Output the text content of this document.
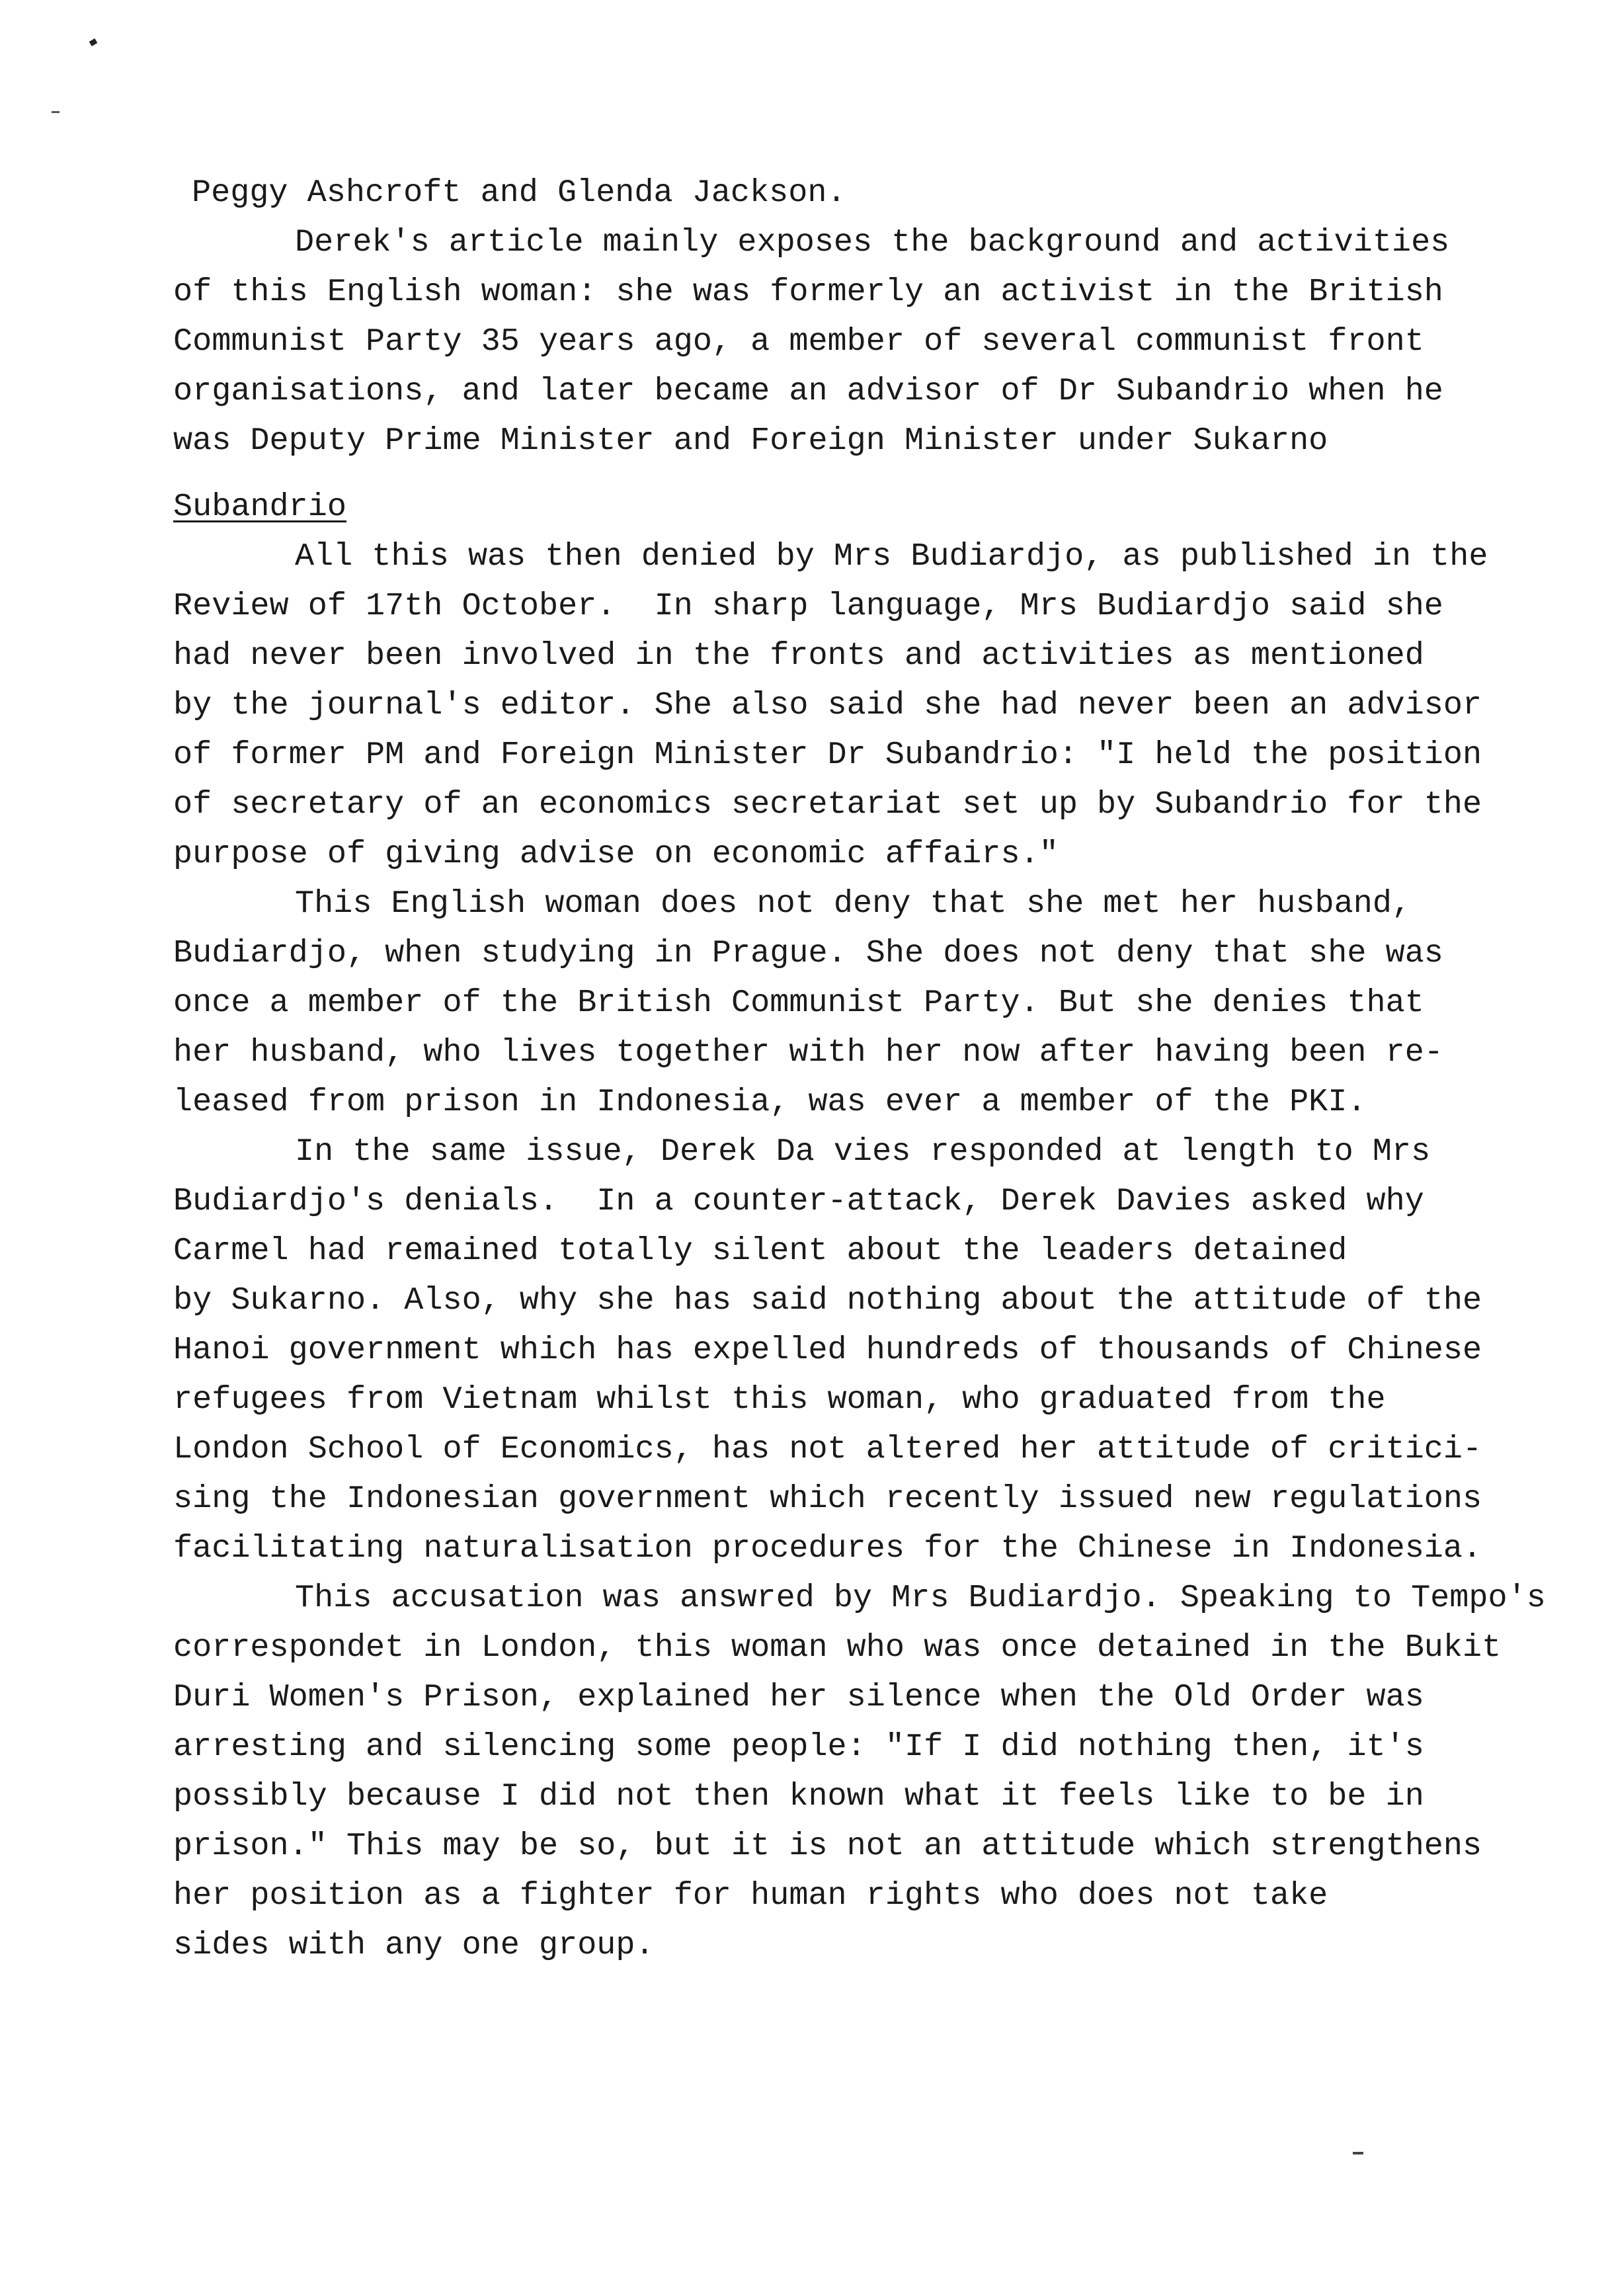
Peggy Ashcroft and Glenda Jackson.
Derek's article mainly exposes the background and activities
of this English woman: she was formerly an activist in the British
Communist Party 35 years ago, a member of several communist front
organisations, and later became an advisor of Dr Subandrio when he
was Deputy Prime Minister and Foreign Minister under Sukarno
Subandrio
All this was then denied by Mrs Budiardjo, as published in the
Review of 17th October.  In sharp language, Mrs Budiardjo said she
had never been involved in the fronts and activities as mentioned
by the journal's editor. She also said she had never been an advisor
of former PM and Foreign Minister Dr Subandrio: "I held the position
of secretary of an economics secretariat set up by Subandrio for the
purpose of giving advise on economic affairs."
This English woman does not deny that she met her husband,
Budiardjo, when studying in Prague. She does not deny that she was
once a member of the British Communist Party. But she denies that
her husband, who lives together with her now after having been re-
leased from prison in Indonesia, was ever a member of the PKI.
In the same issue, Derek Da vies responded at length to Mrs
Budiardjo's denials.  In a counter-attack, Derek Davies asked why
Carmel had remained totally silent about the leaders detained
by Sukarno. Also, why she has said nothing about the attitude of the
Hanoi government which has expelled hundreds of thousands of Chinese
refugees from Vietnam whilst this woman, who graduated from the
London School of Economics, has not altered her attitude of critici-
sing the Indonesian government which recently issued new regulations
facilitating naturalisation procedures for the Chinese in Indonesia.
This accusation was answred by Mrs Budiardjo. Speaking to Tempo's
correspondet in London, this woman who was once detained in the Bukit
Duri Women's Prison, explained her silence when the Old Order was
arresting and silencing some people: "If I did nothing then, it's
possibly because I did not then known what it feels like to be in
prison." This may be so, but it is not an attitude which strengthens
her position as a fighter for human rights who does not take
sides with any one group.
